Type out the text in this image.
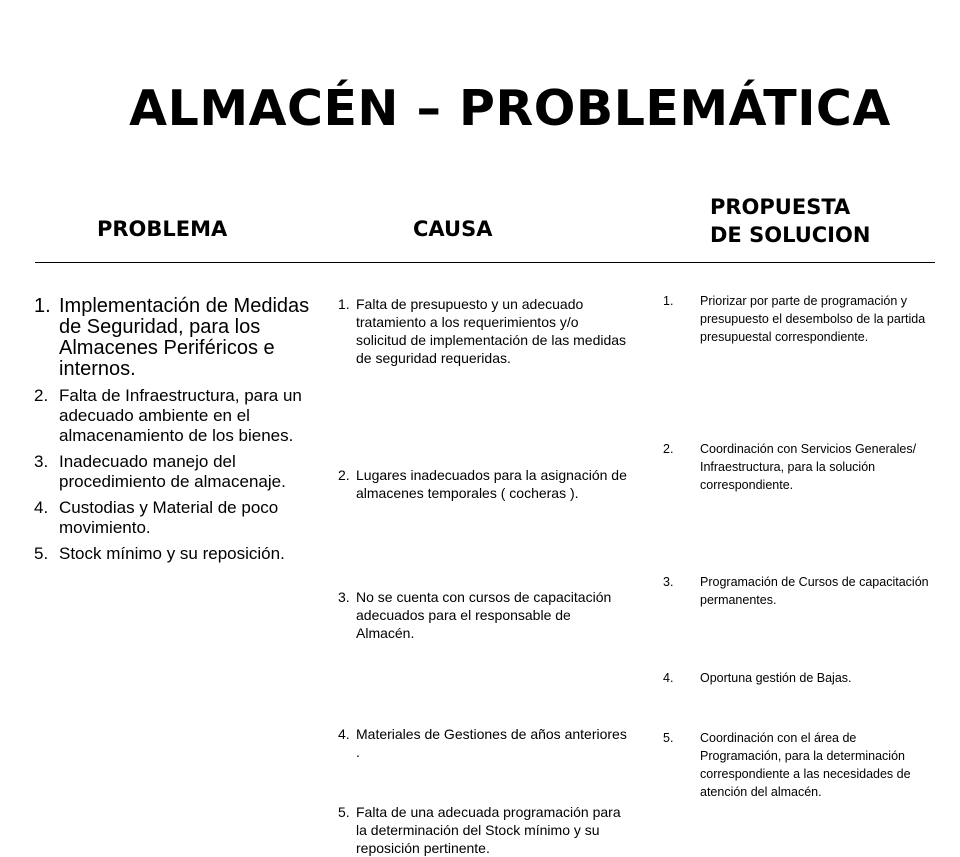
ALMACÉN – PROBLEMÁTICA
PROBLEMA	CAUSA
PROPUESTA
DE SOLUCION
1. Implementación de Medidas de Seguridad, para los Almacenes Periféricos e internos.
2. Falta de Infraestructura, para un adecuado ambiente en el almacenamiento de los bienes.
3. Inadecuado manejo del procedimiento de almacenaje.
4. Custodias y Material de poco movimiento.
5. Stock mínimo y su reposición.
1. Falta de presupuesto y un adecuado tratamiento a los requerimientos y/o solicitud de implementación de las medidas de seguridad requeridas.
2. Lugares inadecuados para la asignación de almacenes temporales ( cocheras ).
3. No se cuenta con cursos de capacitación adecuados para el responsable de Almacén.
4. Materiales de Gestiones de años anteriores .
5. Falta de una adecuada programación para la determinación del Stock mínimo y su reposición pertinente.
1. Priorizar por parte de programación y presupuesto el desembolso de la partida presupuestal correspondiente.
2. Coordinación con Servicios Generales/ Infraestructura, para la solución correspondiente.
3. Programación de Cursos de capacitación permanentes.
4. Oportuna gestión de Bajas.
5. Coordinación con el área de Programación, para la determinación correspondiente a las necesidades de atención del almacén.
